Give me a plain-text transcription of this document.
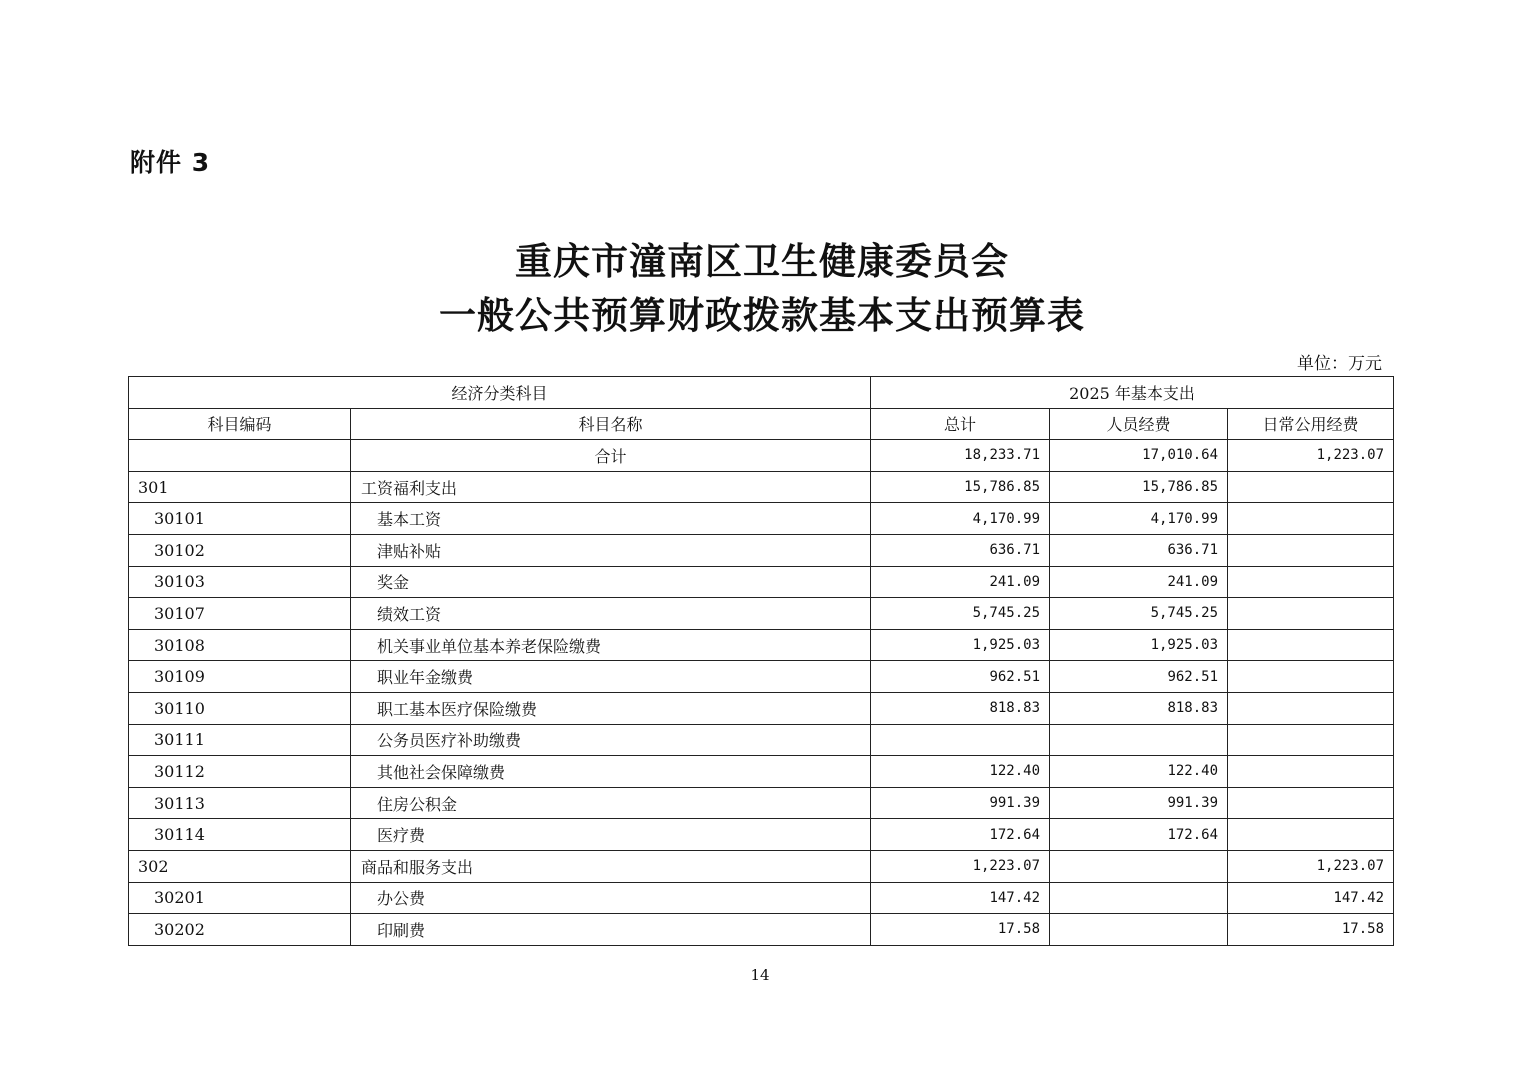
附件 3
重庆市潼南区卫生健康委员会
一般公共预算财政拨款基本支出预算表
单位：万元
经济分类科目		2025 年基本支出		
科目编码	科目名称	总计	人员经费	日常公用经费
	合计	18,233.71	17,010.64	1,223.07
301	工资福利支出	15,786.85	15,786.85	
30101	基本工资	4,170.99	4,170.99	
30102	津贴补贴	636.71	636.71	
30103	奖金	241.09	241.09	
30107	绩效工资	5,745.25	5,745.25	
30108	机关事业单位基本养老保险缴费	1,925.03	1,925.03	
30109	职业年金缴费	962.51	962.51	
30110	职工基本医疗保险缴费	818.83	818.83	
30111	公务员医疗补助缴费			
30112	其他社会保障缴费	122.40	122.40	
30113	住房公积金	991.39	991.39	
30114	医疗费	172.64	172.64	
302	商品和服务支出	1,223.07		1,223.07
30201	办公费	147.42		147.42
30202	印刷费	17.58		17.58
14
